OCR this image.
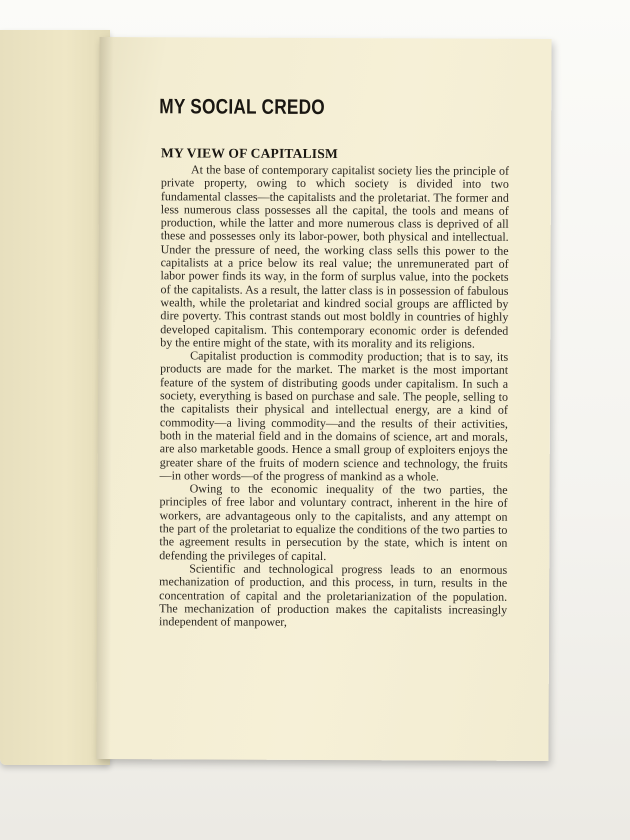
MY SOCIAL CREDO
MY VIEW OF CAPITALISM

At the base of contemporary capitalist society lies the principle of private property, owing to which society is divided into two fundamental classes—the capitalists and the proletariat. The former and less numerous class possesses all the capital, the tools and means of production, while the latter and more numerous class is deprived of all these and possesses only its labor-power, both physical and intellectual. Under the pressure of need, the working class sells this power to the capitalists at a price below its real value; the unremunerated part of labor power finds its way, in the form of surplus value, into the pockets of the capitalists. As a result, the latter class is in possession of fabulous wealth, while the proletariat and kindred social groups are afflicted by dire poverty. This contrast stands out most boldly in countries of highly developed capitalism. This contemporary economic order is defended by the entire might of the state, with its morality and its religions.

Capitalist production is commodity production; that is to say, its products are made for the market. The market is the most important feature of the system of distributing goods under capitalism. In such a society, everything is based on purchase and sale. The people, selling to the capitalists their physical and intellectual energy, are a kind of commodity—a living commodity—and the results of their activities, both in the material field and in the domains of science, art and morals, are also marketable goods. Hence a small group of exploiters enjoys the greater share of the fruits of modern science and technology, the fruits—in other words—of the progress of mankind as a whole.

Owing to the economic inequality of the two parties, the principles of free labor and voluntary contract, inherent in the hire of workers, are advantageous only to the capitalists, and any attempt on the part of the proletariat to equalize the conditions of the two parties to the agreement results in persecution by the state, which is intent on defending the privileges of capital.

Scientific and technological progress leads to an enormous mechanization of production, and this process, in turn, results in the concentration of capital and the proletarianization of the population. The mechanization of production makes the capitalists increasingly independent of manpower,
